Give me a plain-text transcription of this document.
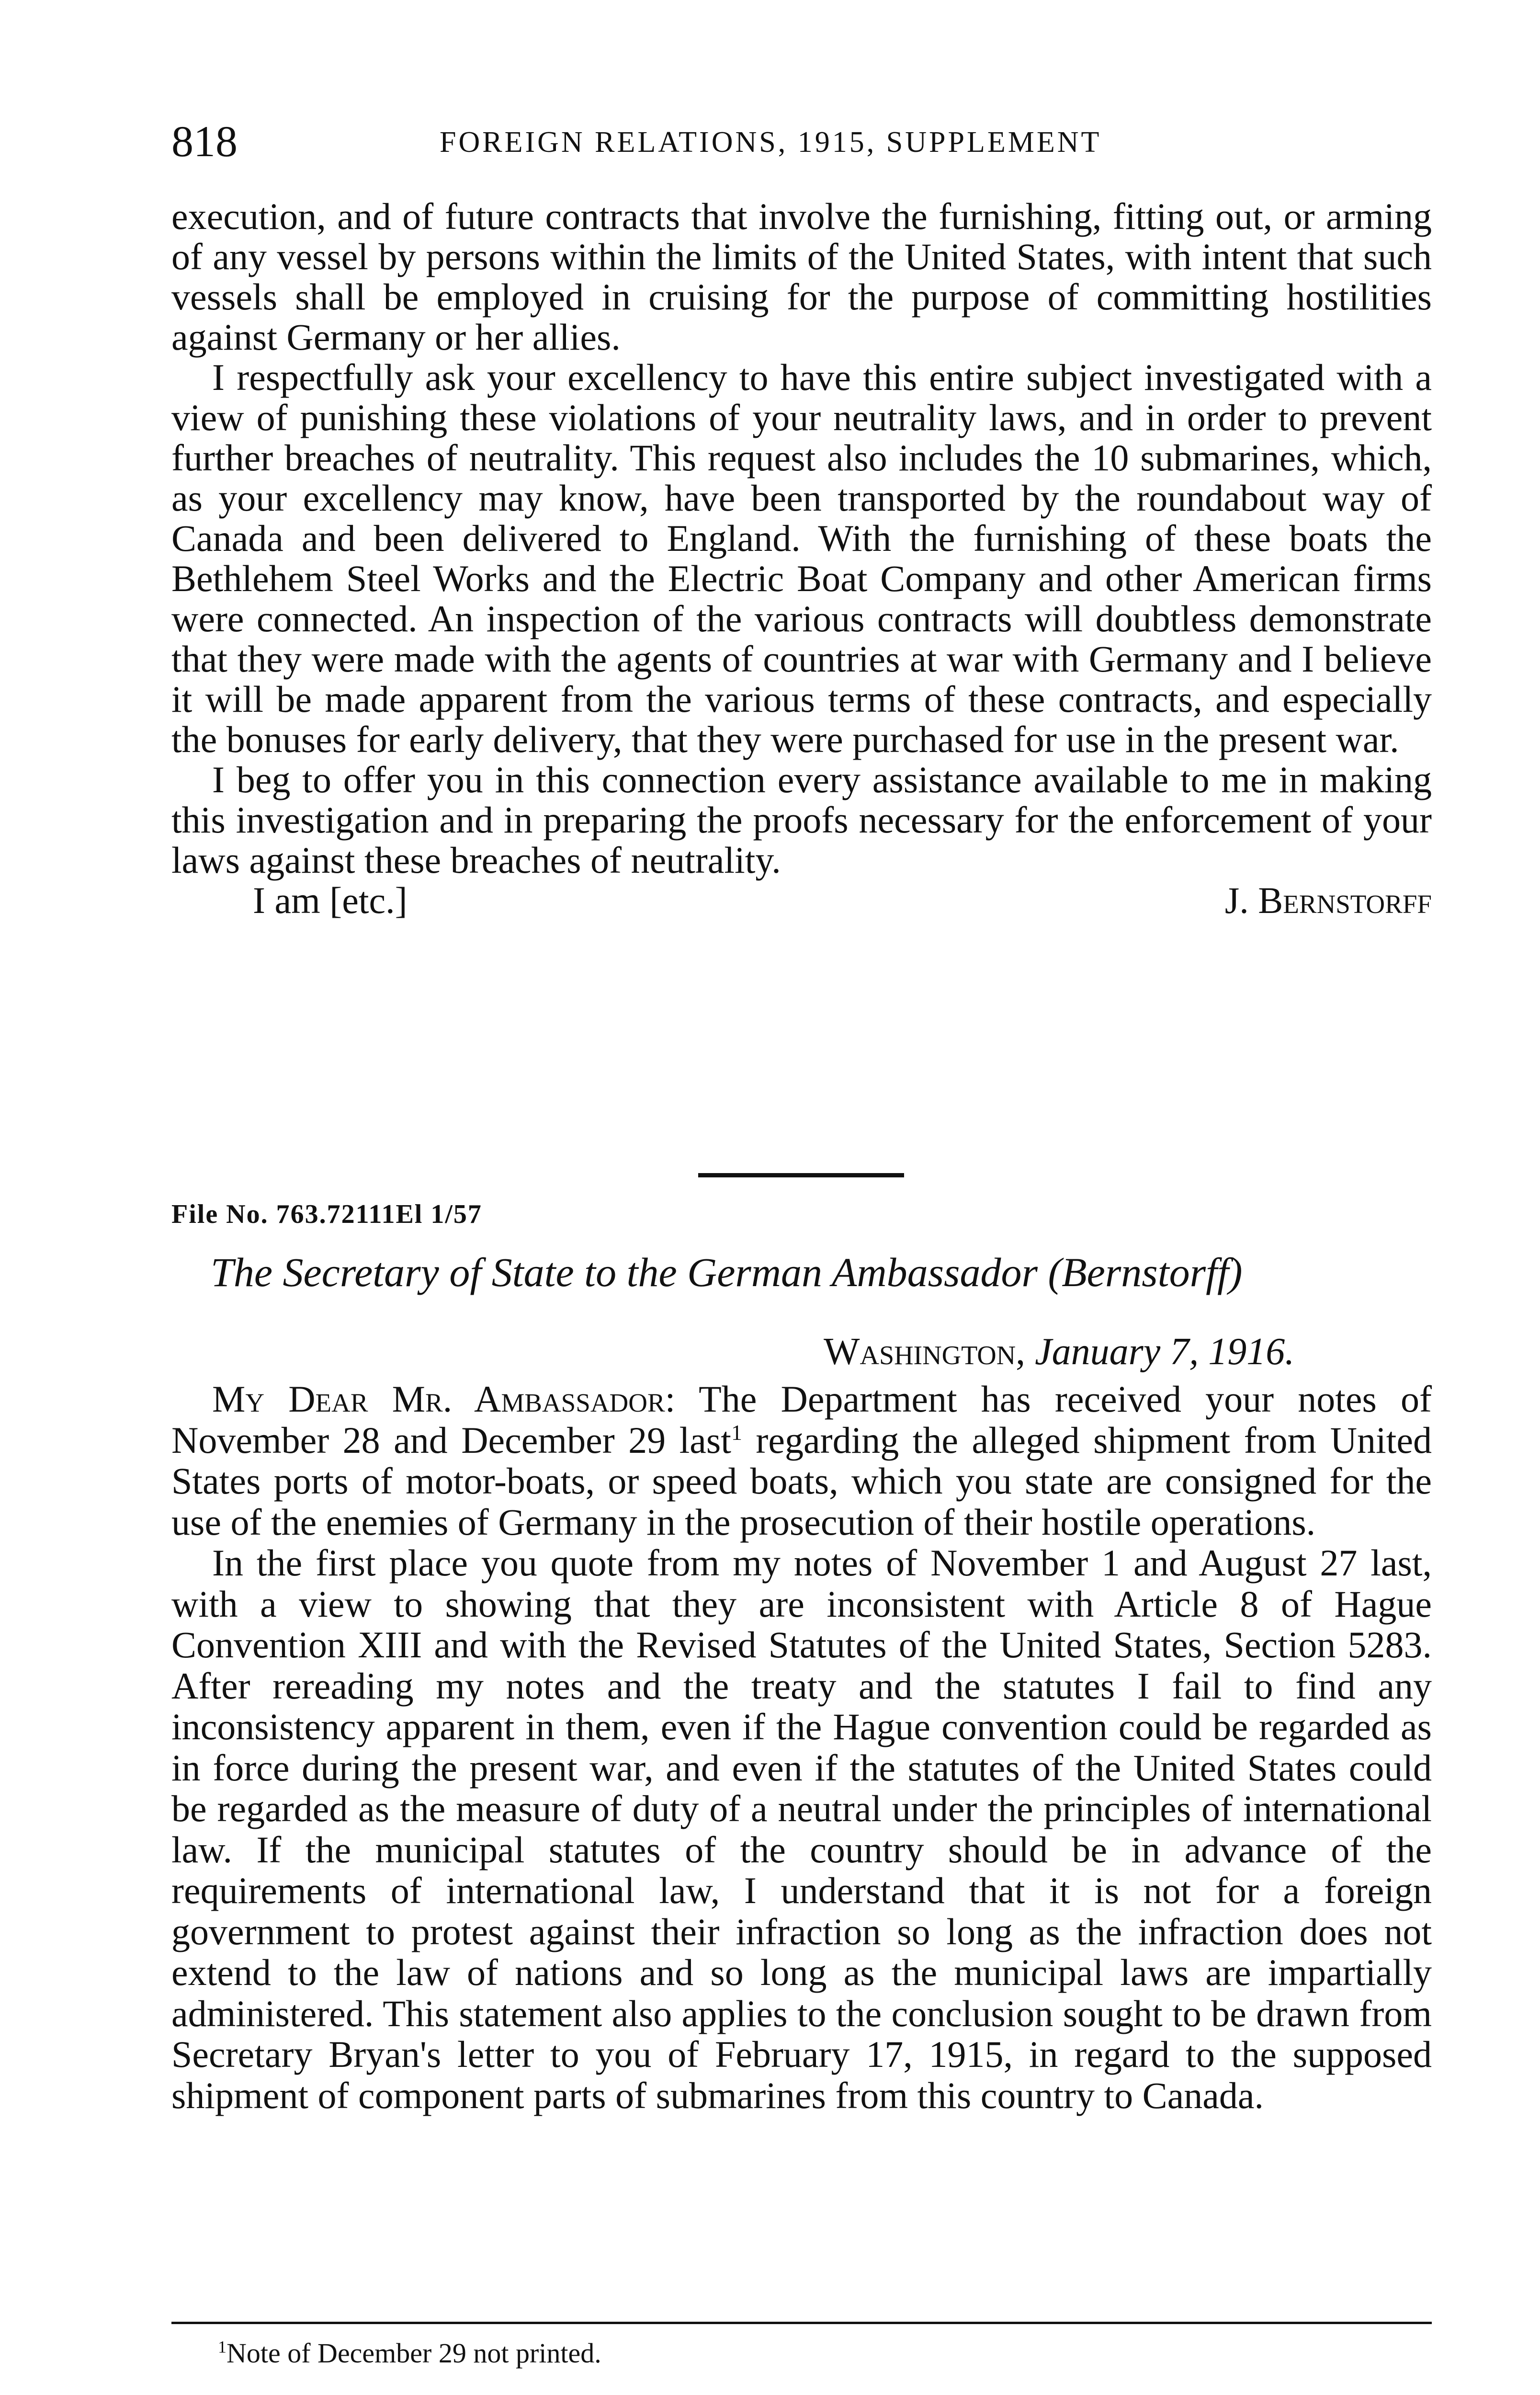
818	FOREIGN RELATIONS, 1915, SUPPLEMENT

execution, and of future contracts that involve the furnishing, fitting out, or arming of any vessel by persons within the limits of the United States, with intent that such vessels shall be employed in cruising for the purpose of committing hostilities against Germany or her allies.

I respectfully ask your excellency to have this entire subject investigated with a view of punishing these violations of your neutrality laws, and in order to prevent further breaches of neutrality. This request also includes the 10 submarines, which, as your excellency may know, have been transported by the roundabout way of Canada and been delivered to England. With the furnishing of these boats the Bethlehem Steel Works and the Electric Boat Company and other American firms were connected. An inspection of the various contracts will doubtless demonstrate that they were made with the agents of countries at war with Germany and I believe it will be made apparent from the various terms of these contracts, and especially the bonuses for early delivery, that they were purchased for use in the present war.

I beg to offer you in this connection every assistance available to me in making this investigation and in preparing the proofs necessary for the enforcement of your laws against these breaches of neutrality.

I am [etc.]	J. Bernstorff

File No. 763.72111El 1/57
The Secretary of State to the German Ambassador (Bernstorff)
Washington, January 7, 1916.

My Dear Mr. Ambassador: The Department has received your notes of November 28 and December 29 last$^1$ regarding the alleged shipment from United States ports of motor-boats, or speed boats, which you state are consigned for the use of the enemies of Germany in the prosecution of their hostile operations.

In the first place you quote from my notes of November 1 and August 27 last, with a view to showing that they are inconsistent with Article 8 of Hague Convention XIII and with the Revised Statutes of the United States, Section 5283. After rereading my notes and the treaty and the statutes I fail to find any inconsistency apparent in them, even if the Hague convention could be regarded as in force during the present war, and even if the statutes of the United States could be regarded as the measure of duty of a neutral under the principles of international law. If the municipal statutes of the country should be in advance of the requirements of international law, I understand that it is not for a foreign government to protest against their infraction so long as the infraction does not extend to the law of nations and so long as the municipal laws are impartially administered. This statement also applies to the conclusion sought to be drawn from Secretary Bryan's letter to you of February 17, 1915, in regard to the supposed shipment of component parts of submarines from this country to Canada.

$^1$Note of December 29 not printed.
